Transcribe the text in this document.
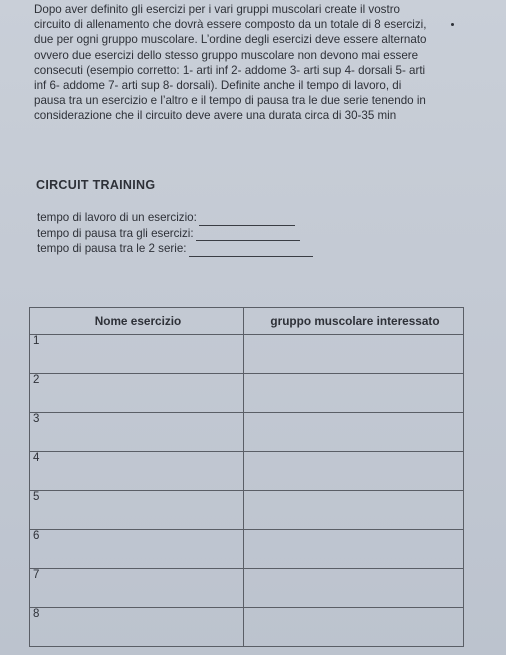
Dopo aver definito gli esercizi per i vari gruppi muscolari create il vostro
circuito di allenamento che dovrà essere composto da un totale di 8 esercizi,
due per ogni gruppo muscolare. L’ordine degli esercizi deve essere alternato
ovvero due esercizi dello stesso gruppo muscolare non devono mai essere
consecuti (esempio corretto: 1- arti inf 2- addome 3- arti sup 4- dorsali 5- arti
inf 6- addome 7- arti sup 8- dorsali). Definite anche il tempo di lavoro, di
pausa tra un esercizio e l’altro e il tempo di pausa tra le due serie tenendo in
considerazione che il circuito deve avere una durata circa di 30-35 min

CIRCUIT TRAINING
tempo di lavoro di un esercizio:
tempo di pausa tra gli esercizi:
tempo di pausa tra le 2 serie:
Nome esercizio	gruppo muscolare interessato
1	
2	
3	
4	
5	
6	
7	
8	
